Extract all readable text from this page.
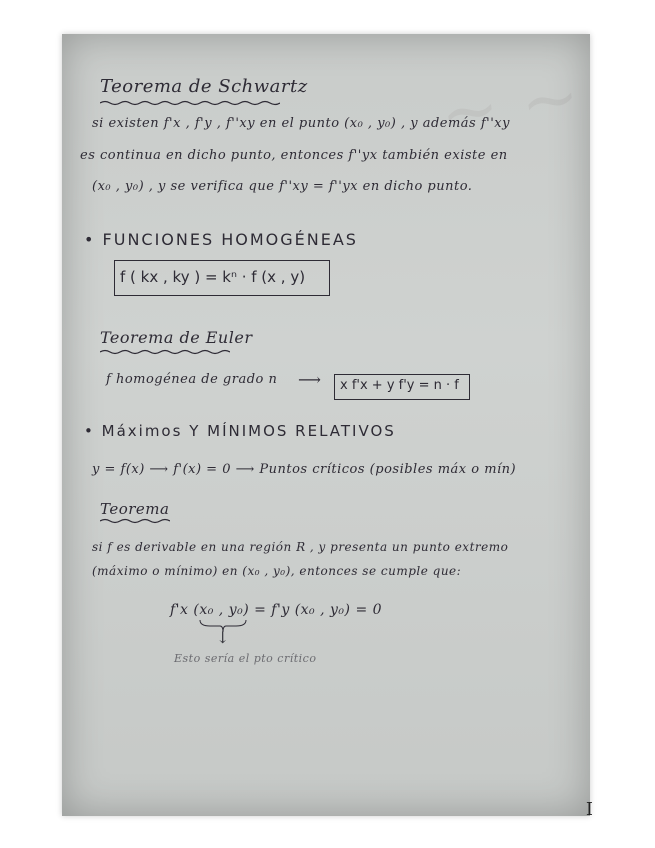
~ ~
Teorema de Schwartz
si existen f'x , f'y , f''xy en el punto (x₀ , y₀) , y además f''xy
es continua en dicho punto, entonces f''yx también existe en
(x₀ , y₀) , y se verifica que f''xy = f''yx en dicho punto.
• FUNCIONES HOMOGÉNEAS
f ( kx , ky ) = kⁿ · f (x , y)
Teorema de Euler
f homogénea de grado n ⟶ x f'x + y f'y = n · f
• Máximos Y MÍNIMOS RELATIVOS
y = f(x) ⟶ f'(x) = 0 ⟶ Puntos críticos (posibles máx o mín)
Teorema
si f es derivable en una región R , y presenta un punto extremo
(máximo o mínimo) en (x₀ , y₀), entonces se cumple que:
f'x (x₀ , y₀) = f'y (x₀ , y₀) = 0
↓
Esto sería el pto crítico
I
